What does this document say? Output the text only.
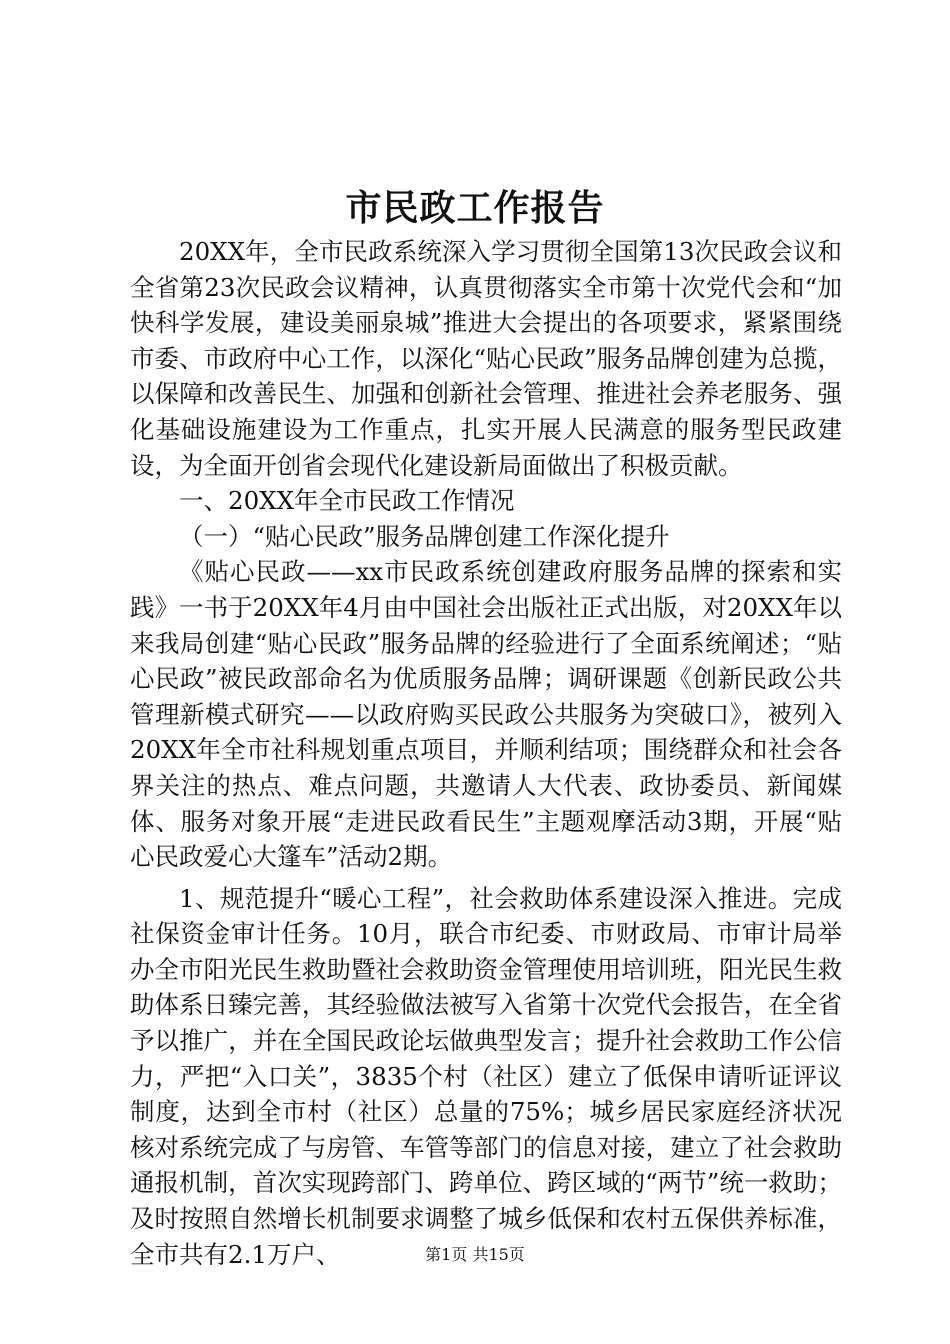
市民政工作报告

20XX年，全市民政系统深入学习贯彻全国第13次民政会议和全省第23次民政会议精神，认真贯彻落实全市第十次党代会和“加快科学发展，建设美丽泉城”推进大会提出的各项要求，紧紧围绕市委、市政府中心工作，以深化“贴心民政”服务品牌创建为总揽，以保障和改善民生、加强和创新社会管理、推进社会养老服务、强化基础设施建设为工作重点，扎实开展人民满意的服务型民政建设，为全面开创省会现代化建设新局面做出了积极贡献。

一、20XX年全市民政工作情况

（一）“贴心民政”服务品牌创建工作深化提升

《贴心民政——xx市民政系统创建政府服务品牌的探索和实践》一书于20XX年4月由中国社会出版社正式出版，对20XX年以来我局创建“贴心民政”服务品牌的经验进行了全面系统阐述；“贴心民政”被民政部命名为优质服务品牌；调研课题《创新民政公共管理新模式研究——以政府购买民政公共服务为突破口》，被列入20XX年全市社科规划重点项目，并顺利结项；围绕群众和社会各界关注的热点、难点问题，共邀请人大代表、政协委员、新闻媒体、服务对象开展“走进民政看民生”主题观摩活动3期，开展“贴心民政爱心大篷车”活动2期。

1、规范提升“暖心工程”，社会救助体系建设深入推进。完成社保资金审计任务。10月，联合市纪委、市财政局、市审计局举办全市阳光民生救助暨社会救助资金管理使用培训班，阳光民生救助体系日臻完善，其经验做法被写入省第十次党代会报告，在全省予以推广，并在全国民政论坛做典型发言；提升社会救助工作公信力，严把“入口关”，3835个村（社区）建立了低保申请听证评议制度，达到全市村（社区）总量的75%；城乡居民家庭经济状况核对系统完成了与房管、车管等部门的信息对接，建立了社会救助通报机制，首次实现跨部门、跨单位、跨区域的“两节”统一救助；及时按照自然增长机制要求调整了城乡低保和农村五保供养标准，全市共有2.1万户、	第1页 共15页
